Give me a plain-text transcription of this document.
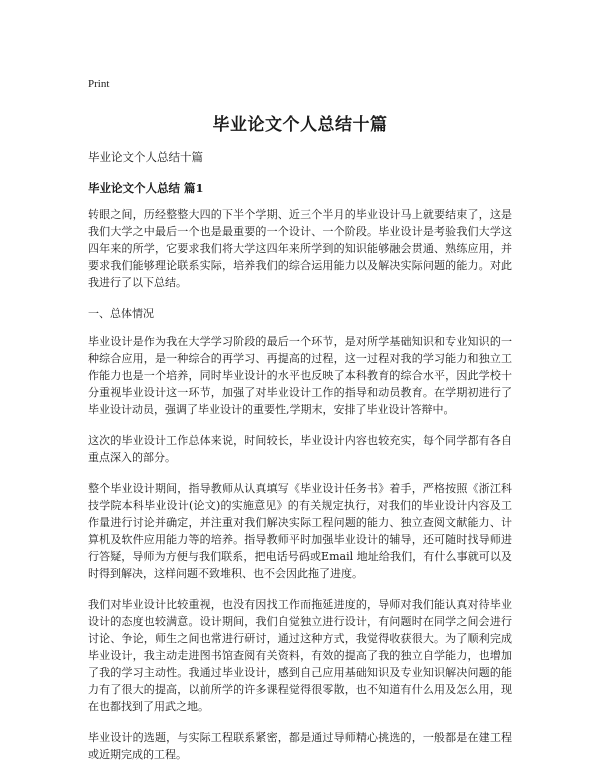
Print
毕业论文个人总结十篇
毕业论文个人总结十篇
毕业论文个人总结 篇1

转眼之间，历经整整大四的下半个学期、近三个半月的毕业设计马上就要结束了，这是我们大学之中最后一个也是最重要的一个设计、一个阶段。毕业设计是考验我们大学这四年来的所学，它要求我们将大学这四年来所学到的知识能够融会贯通、熟练应用，并要求我们能够理论联系实际，培养我们的综合运用能力以及解决实际问题的能力。对此我进行了以下总结。

一、总体情况

毕业设计是作为我在大学学习阶段的最后一个环节，是对所学基础知识和专业知识的一种综合应用，是一种综合的再学习、再提高的过程，这一过程对我的学习能力和独立工作能力也是一个培养，同时毕业设计的水平也反映了本科教育的综合水平，因此学校十分重视毕业设计这一环节，加强了对毕业设计工作的指导和动员教育。在学期初进行了毕业设计动员，强调了毕业设计的重要性,学期末，安排了毕业设计答辩中。

这次的毕业设计工作总体来说，时间较长，毕业设计内容也较充实，每个同学都有各自重点深入的部分。

整个毕业设计期间，指导教师从认真填写《毕业设计任务书》着手，严格按照《浙江科技学院本科毕业设计(论文)的实施意见》的有关规定执行，对我们的毕业设计内容及工作量进行讨论并确定，并注重对我们解决实际工程问题的能力、独立查阅文献能力、计算机及软件应用能力等的培养。指导教师平时加强毕业设计的辅导，还可随时找导师进行答疑，导师为方便与我们联系，把电话号码或Email 地址给我们，有什么事就可以及时得到解决，这样问题不致堆积、也不会因此拖了进度。

我们对毕业设计比较重视，也没有因找工作而拖延进度的，导师对我们能认真对待毕业设计的态度也较满意。设计期间，我们自觉独立进行设计，有问题时在同学之间会进行讨论、争论，师生之间也常进行研讨，通过这种方式，我觉得收获很大。为了顺利完成毕业设计，我主动走进图书馆查阅有关资料，有效的提高了我的独立自学能力，也增加了我的学习主动性。我通过毕业设计，感到自己应用基础知识及专业知识解决问题的能力有了很大的提高，以前所学的许多课程觉得很零散，也不知道有什么用及怎么用，现在也都找到了用武之地。

毕业设计的选题，与实际工程联系紧密，都是通过导师精心挑选的，一般都是在建工程或近期完成的工程。
